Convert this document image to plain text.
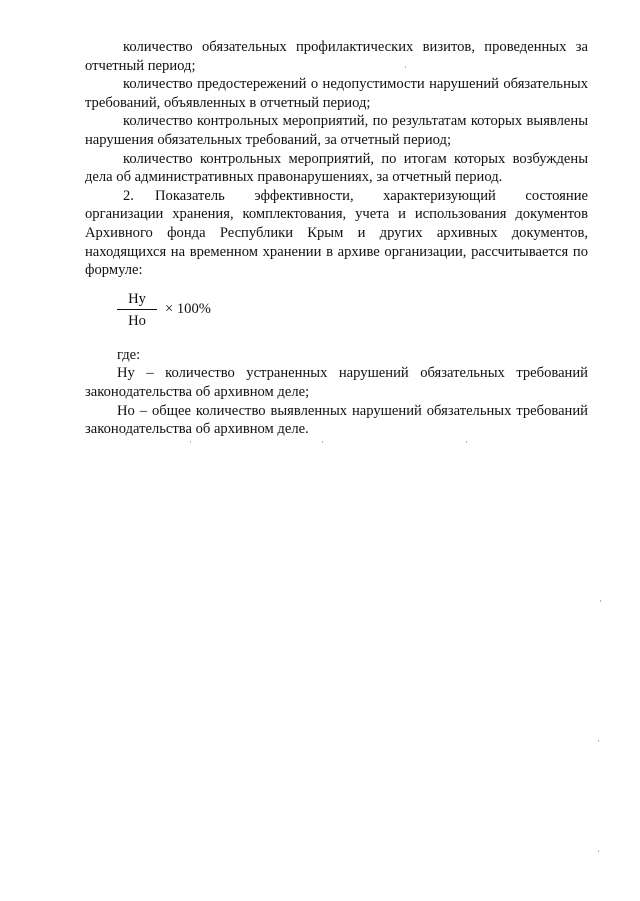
количество обязательных профилактических визитов, проведенных за отчетный период;

количество предостережений о недопустимости нарушений обязательных требований, объявленных в отчетный период;

количество контрольных мероприятий, по результатам которых выявлены нарушения обязательных требований, за отчетный период;

количество контрольных мероприятий, по итогам которых возбуждены дела об административных правонарушениях, за отчетный период.

2. Показатель эффективности, характеризующий состояние организации хранения, комплектования, учета и использования документов Архивного фонда Республики Крым и других архивных документов, находящихся на временном хранении в архиве организации, рассчитывается по формуле:

Ну
Но
× 100%

где:

Ну – количество устраненных нарушений обязательных требований законодательства об архивном деле;

Но – общее количество выявленных нарушений обязательных требований законодательства об архивном деле.
